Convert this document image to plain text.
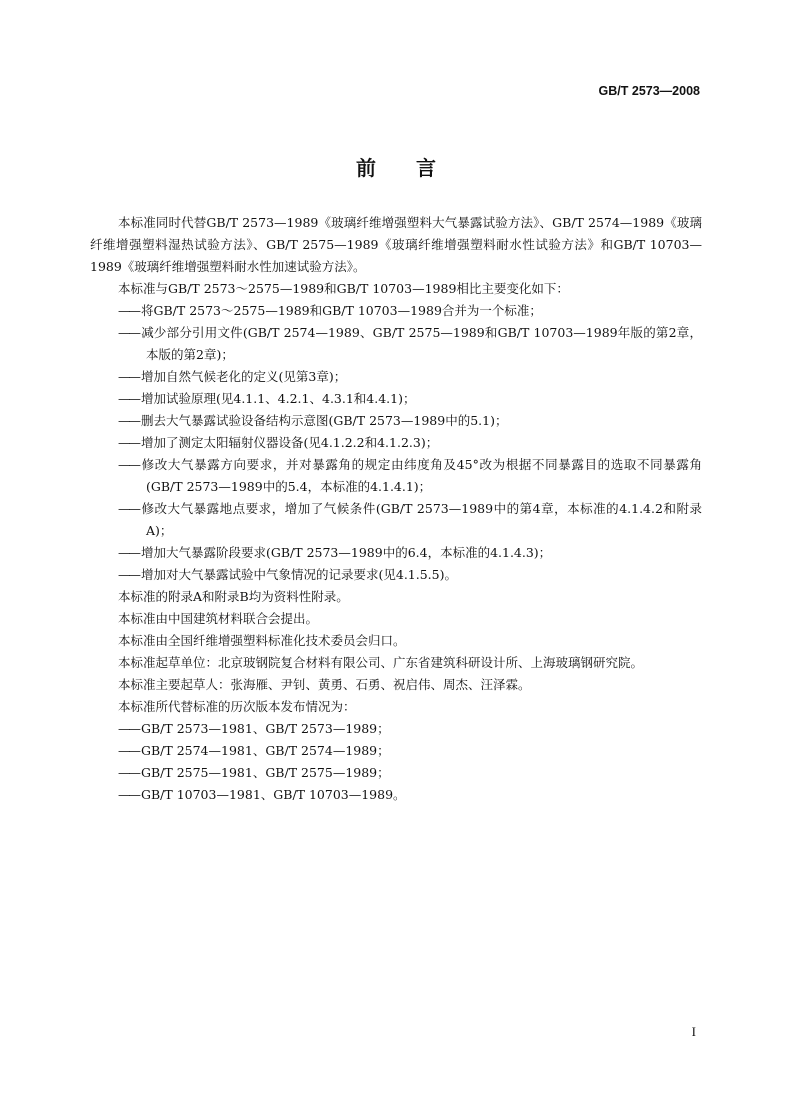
GB/T 2573—2008
前　　言

本标准同时代替GB/T 2573—1989《玻璃纤维增强塑料大气暴露试验方法》、GB/T 2574—1989《玻璃纤维增强塑料湿热试验方法》、GB/T 2575—1989《玻璃纤维增强塑料耐水性试验方法》和GB/T 10703—1989《玻璃纤维增强塑料耐水性加速试验方法》。

本标准与GB/T 2573～2575—1989和GB/T 10703—1989相比主要变化如下：

—— 将GB/T 2573～2575—1989和GB/T 10703—1989合并为一个标准；

—— 减少部分引用文件(GB/T 2574—1989、GB/T 2575—1989和GB/T 10703—1989年版的第2章，本版的第2章)；

—— 增加自然气候老化的定义(见第3章)；

—— 增加试验原理(见4.1.1、4.2.1、4.3.1和4.4.1)；

—— 删去大气暴露试验设备结构示意图(GB/T 2573—1989中的5.1)；

—— 增加了测定太阳辐射仪器设备(见4.1.2.2和4.1.2.3)；

—— 修改大气暴露方向要求，并对暴露角的规定由纬度角及45°改为根据不同暴露目的选取不同暴露角(GB/T 2573—1989中的5.4，本标准的4.1.4.1)；

—— 修改大气暴露地点要求，增加了气候条件(GB/T 2573—1989中的第4章，本标准的4.1.4.2和附录A)；

—— 增加大气暴露阶段要求(GB/T 2573—1989中的6.4，本标准的4.1.4.3)；

—— 增加对大气暴露试验中气象情况的记录要求(见4.1.5.5)。

本标准的附录A和附录B均为资料性附录。

本标准由中国建筑材料联合会提出。

本标准由全国纤维增强塑料标准化技术委员会归口。

本标准起草单位：北京玻钢院复合材料有限公司、广东省建筑科研设计所、上海玻璃钢研究院。

本标准主要起草人：张海雁、尹钊、黄勇、石勇、祝启伟、周杰、汪泽霖。

本标准所代替标准的历次版本发布情况为：

—— GB/T 2573—1981、GB/T 2573—1989；

—— GB/T 2574—1981、GB/T 2574—1989；

—— GB/T 2575—1981、GB/T 2575—1989；

—— GB/T 10703—1981、GB/T 10703—1989。

I
